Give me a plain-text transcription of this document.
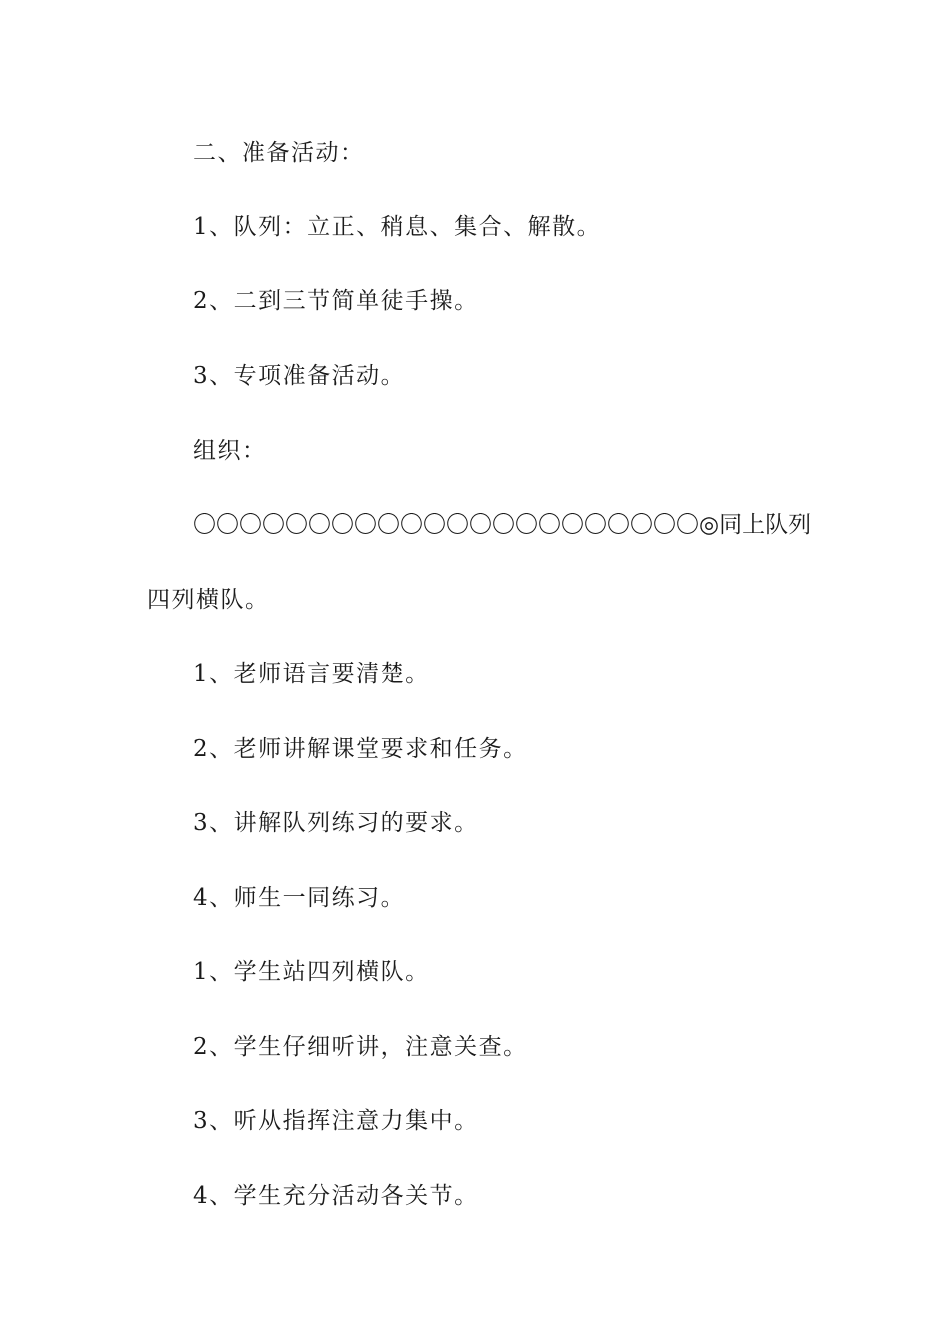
二、准备活动：
1、队列：立正、稍息、集合、解散。
2、二到三节简单徒手操。
3、专项准备活动。
组织：
〇〇〇〇〇〇〇〇〇〇〇〇〇〇〇〇〇〇〇〇〇〇◎同上队列
四列横队。
1、老师语言要清楚。
2、老师讲解课堂要求和任务。
3、讲解队列练习的要求。
4、师生一同练习。
1、学生站四列横队。
2、学生仔细听讲，注意关查。
3、听从指挥注意力集中。
4、学生充分活动各关节。
